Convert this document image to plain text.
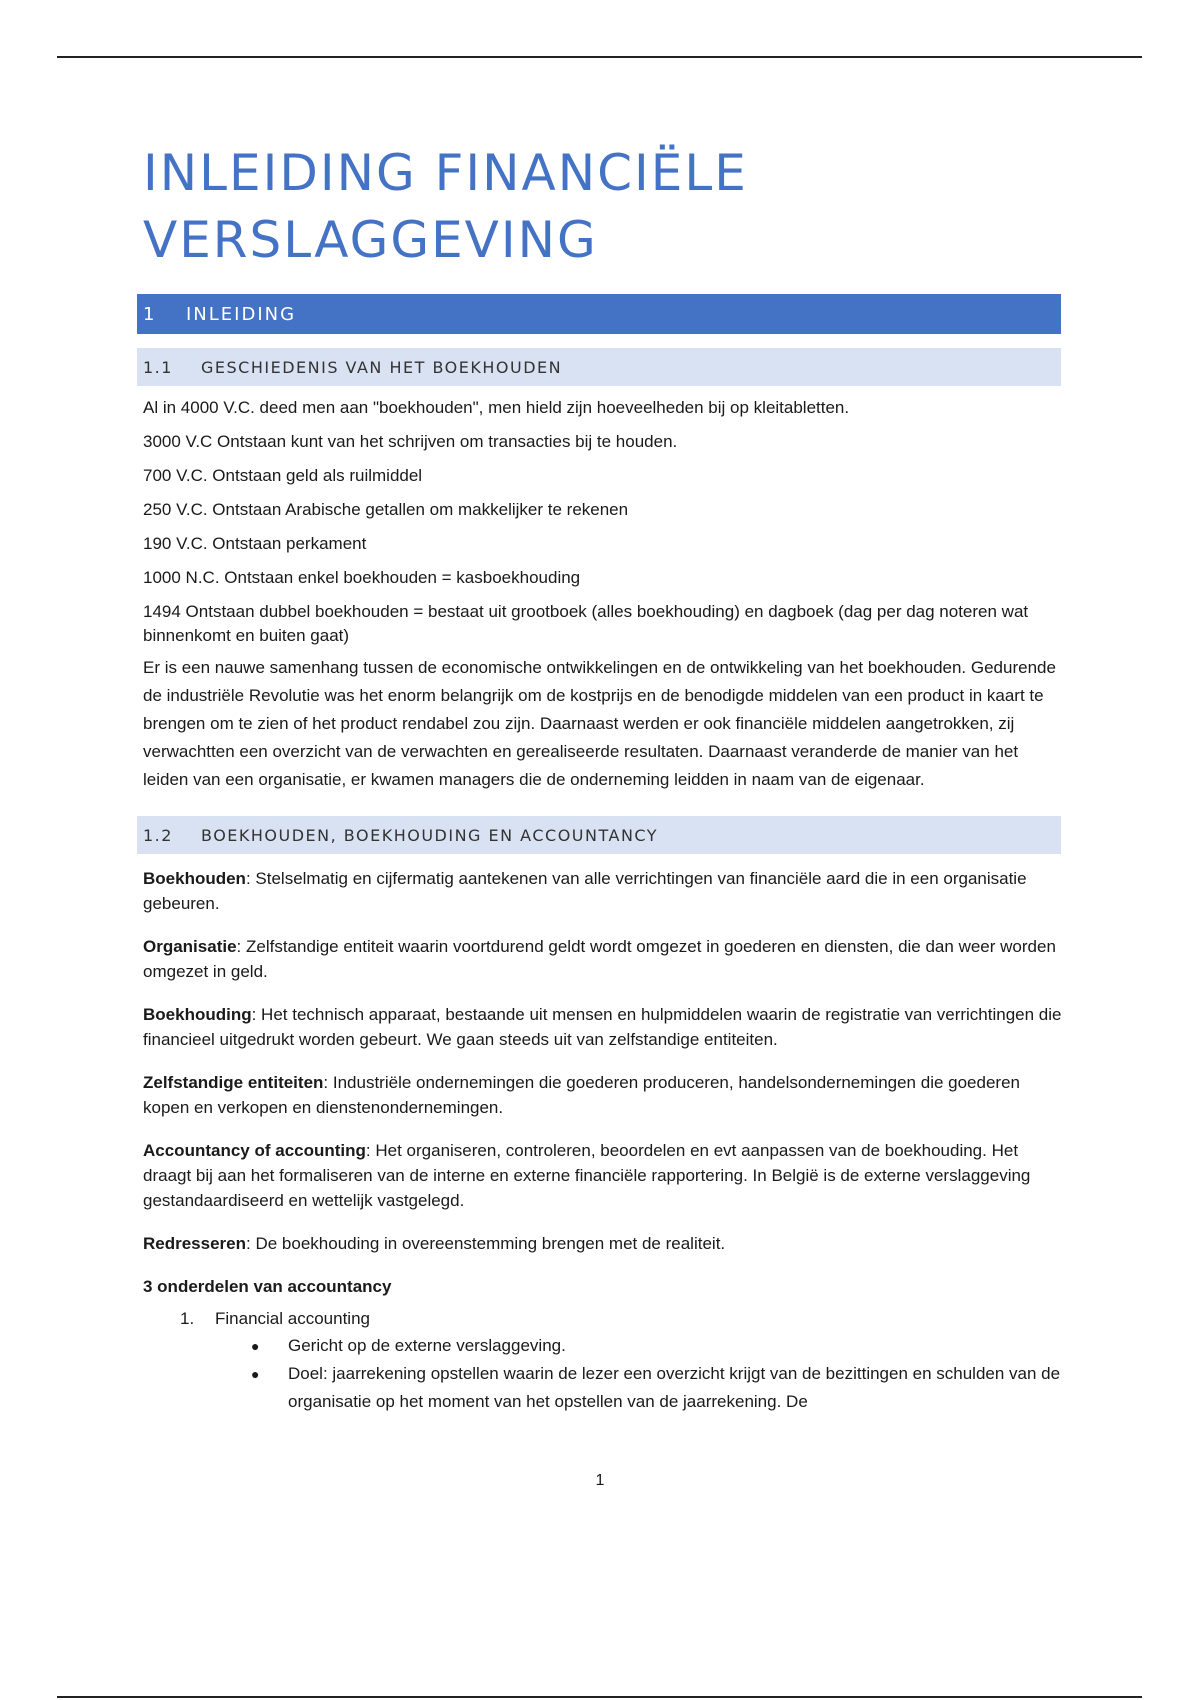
INLEIDING FINANCIËLE
VERSLAGGEVING
1	INLEIDING
1.1	GESCHIEDENIS VAN HET BOEKHOUDEN

Al in 4000 V.C. deed men aan "boekhouden", men hield zijn hoeveelheden bij op kleitabletten.

3000 V.C Ontstaan kunt van het schrijven om transacties bij te houden.

700 V.C. Ontstaan geld als ruilmiddel

250 V.C. Ontstaan Arabische getallen om makkelijker te rekenen

190 V.C. Ontstaan perkament

1000 N.C. Ontstaan enkel boekhouden = kasboekhouding

1494 Ontstaan dubbel boekhouden = bestaat uit grootboek (alles boekhouding) en dagboek (dag per dag noteren wat binnenkomt en buiten gaat)

Er is een nauwe samenhang tussen de economische ontwikkelingen en de ontwikkeling van het boekhouden. Gedurende de industriële Revolutie was het enorm belangrijk om de kostprijs en de benodigde middelen van een product in kaart te brengen om te zien of het product rendabel zou zijn. Daarnaast werden er ook financiële middelen aangetrokken, zij verwachtten een overzicht van de verwachten en gerealiseerde resultaten. Daarnaast veranderde de manier van het leiden van een organisatie, er kwamen managers die de onderneming leidden in naam van de eigenaar.

1.2	BOEKHOUDEN, BOEKHOUDING EN ACCOUNTANCY

Boekhouden: Stelselmatig en cijfermatig aantekenen van alle verrichtingen van financiële aard die in een organisatie gebeuren.

Organisatie: Zelfstandige entiteit waarin voortdurend geldt wordt omgezet in goederen en diensten, die dan weer worden omgezet in geld.

Boekhouding: Het technisch apparaat, bestaande uit mensen en hulpmiddelen waarin de registratie van verrichtingen die financieel uitgedrukt worden gebeurt. We gaan steeds uit van zelfstandige entiteiten.

Zelfstandige entiteiten: Industriële ondernemingen die goederen produceren, handelsondernemingen die goederen kopen en verkopen en dienstenondernemingen.

Accountancy of accounting: Het organiseren, controleren, beoordelen en evt aanpassen van de boekhouding. Het draagt bij aan het formaliseren van de interne en externe financiële rapportering. In België is de externe verslaggeving gestandaardiseerd en wettelijk vastgelegd.

Redresseren: De boekhouding in overeenstemming brengen met de realiteit.

3 onderdelen van accountancy

1.	Financial accounting
●	Gericht op de externe verslaggeving.
●	Doel: jaarrekening opstellen waarin de lezer een overzicht krijgt van de bezittingen en schulden van de organisatie op het moment van het opstellen van de jaarrekening. De
1
